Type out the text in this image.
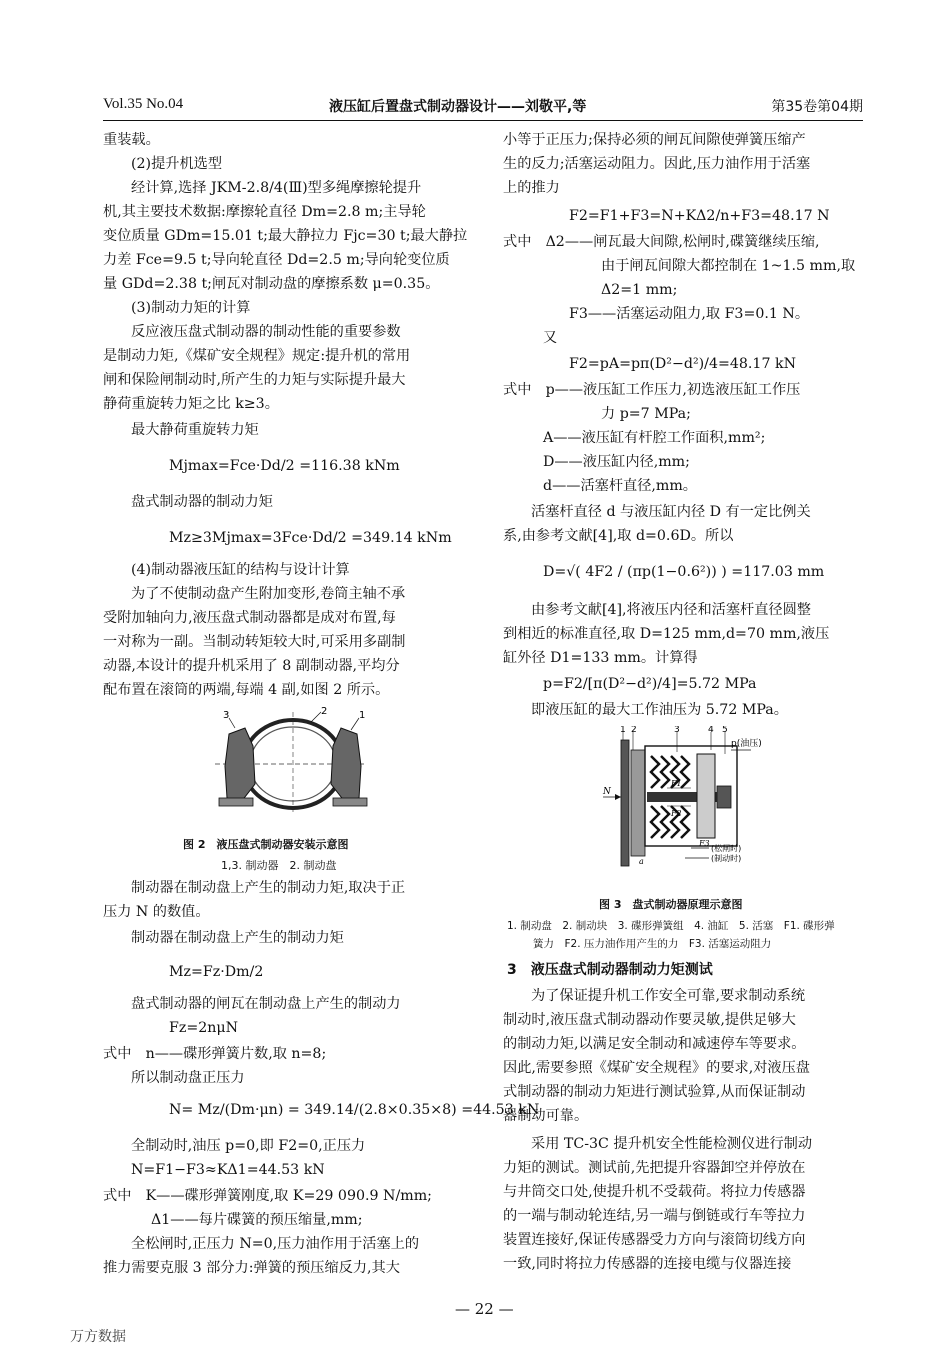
Vol.35 No.04	液压缸后置盘式制动器设计——刘敬平,等	第35卷第04期
重装载。
(2)提升机选型
经计算,选择 JKM-2.8/4(Ⅲ)型多绳摩擦轮提升
机,其主要技术数据:摩擦轮直径 Dm=2.8 m;主导轮
变位质量 GDm=15.01 t;最大静拉力 Fjc=30 t;最大静拉
力差 Fce=9.5 t;导向轮直径 Dd=2.5 m;导向轮变位质
量 GDd=2.38 t;闸瓦对制动盘的摩擦系数 μ=0.35。
(3)制动力矩的计算
反应液压盘式制动器的制动性能的重要参数
是制动力矩,《煤矿安全规程》规定:提升机的常用
闸和保险闸制动时,所产生的力矩与实际提升最大
静荷重旋转力矩之比 k≥3。
最大静荷重旋转力矩
Mjmax=Fce·Dd/2 =116.38 kNm
盘式制动器的制动力矩
Mz≥3Mjmax=3Fce·Dd/2 =349.14 kNm
(4)制动器液压缸的结构与设计计算
为了不使制动盘产生附加变形,卷筒主轴不承
受附加轴向力,液压盘式制动器都是成对布置,每
一对称为一副。当制动转矩较大时,可采用多副制
动器,本设计的提升机采用了 8 副制动器,平均分
配布置在滚筒的两端,每端 4 副,如图 2 所示。
3	2	1
图 2　液压盘式制动器安装示意图
1,3. 制动器　2. 制动盘
制动器在制动盘上产生的制动力矩,取决于正
压力 N 的数值。
制动器在制动盘上产生的制动力矩
Mz=Fz·Dm/2
盘式制动器的闸瓦在制动盘上产生的制动力
Fz=2nμN
式中　n——碟形弹簧片数,取 n=8;
所以制动盘正压力
N= Mz/(Dm·μn) = 349.14/(2.8×0.35×8) =44.53 kN
全制动时,油压 p=0,即 F2=0,正压力
N=F1−F3≈KΔ1=44.53 kN
式中　K——碟形弹簧刚度,取 K=29 090.9 N/mm;
Δ1——每片碟簧的预压缩量,mm;
全松闸时,正压力 N=0,压力油作用于活塞上的
推力需要克服 3 部分力:弹簧的预压缩反力,其大
小等于正压力;保持必须的闸瓦间隙使弹簧压缩产
生的反力;活塞运动阻力。因此,压力油作用于活塞
上的推力
F2=F1+F3=N+KΔ2/n+F3=48.17 N
式中　Δ2——闸瓦最大间隙,松闸时,碟簧继续压缩,
由于闸瓦间隙大都控制在 1~1.5 mm,取
Δ2=1 mm;
F3——活塞运动阻力,取 F3=0.1 N。
又
F2=pA=pπ(D²−d²)/4=48.17 kN
式中　p——液压缸工作压力,初选液压缸工作压
力 p=7 MPa;
A——液压缸有杆腔工作面积,mm²;
D——液压缸内径,mm;
d——活塞杆直径,mm。
活塞杆直径 d 与液压缸内径 D 有一定比例关
系,由参考文献[4],取 d=0.6D。所以
D=√( 4F2 / (πp(1−0.6²)) ) =117.03 mm
由参考文献[4],将液压内径和活塞杆直径圆整
到相近的标准直径,取 D=125 mm,d=70 mm,液压
缸外径 D1=133 mm。计算得
p=F2/[π(D²−d²)/4]=5.72 MPa
即液压缸的最大工作油压为 5.72 MPa。
1 2	3	4 5
p(油压)
N
F1
F2
F3
a
(松闸时)
(制动时)
图 3　盘式制动器原理示意图
1. 制动盘　2. 制动块　3. 碟形弹簧组　4. 油缸　5. 活塞　F1. 碟形弹
簧力　F2. 压力油作用产生的力　F3. 活塞运动阻力
3　液压盘式制动器制动力矩测试
为了保证提升机工作安全可靠,要求制动系统
制动时,液压盘式制动器动作要灵敏,提供足够大
的制动力矩,以满足安全制动和减速停车等要求。
因此,需要参照《煤矿安全规程》的要求,对液压盘
式制动器的制动力矩进行测试验算,从而保证制动
器制动可靠。
采用 TC-3C 提升机安全性能检测仪进行制动
力矩的测试。测试前,先把提升容器卸空并停放在
与井筒交口处,使提升机不受载荷。将拉力传感器
的一端与制动轮连结,另一端与倒链或行车等拉力
装置连接好,保证传感器受力方向与滚筒切线方向
一致,同时将拉力传感器的连接电缆与仪器连接
— 22 —
万方数据
